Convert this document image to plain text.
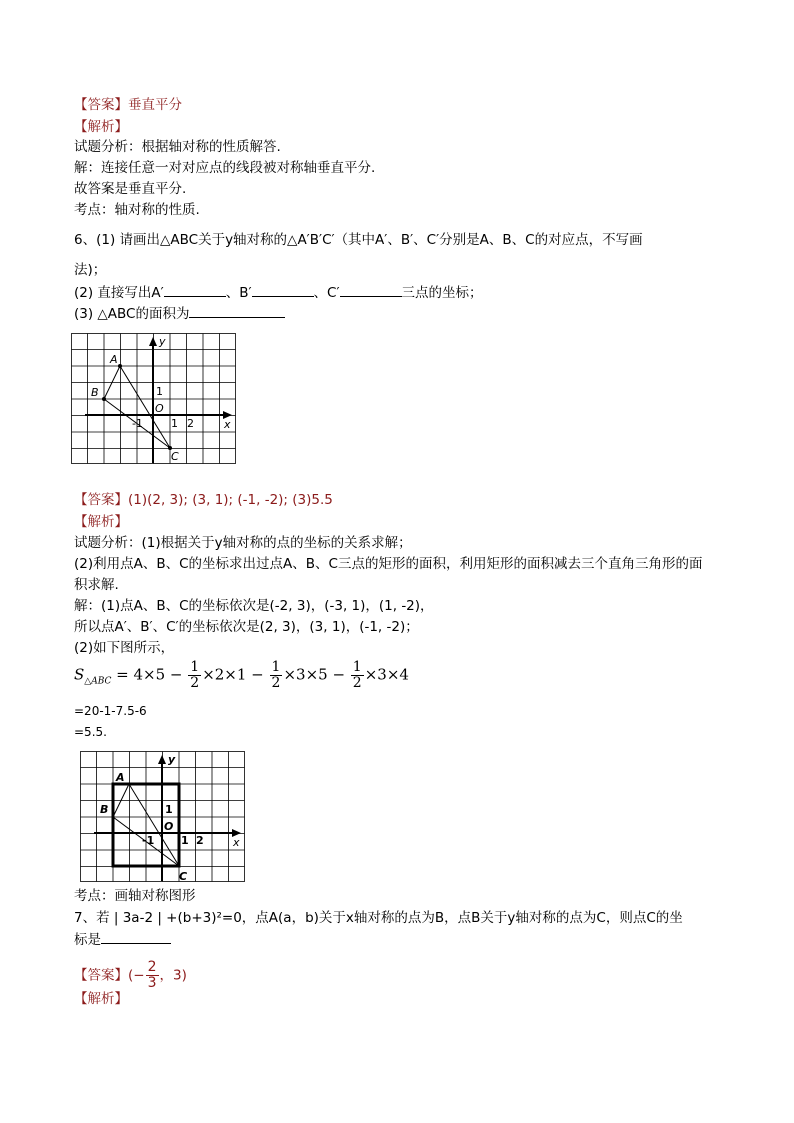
【答案】垂直平分
【解析】
试题分析：根据轴对称的性质解答.
解：连接任意一对对应点的线段被对称轴垂直平分.
故答案是垂直平分.
考点：轴对称的性质.
6、(1) 请画出△ABC关于y轴对称的△A′B′C′（其中A′、B′、C′分别是A、B、C的对应点，不写画
法)；
(2) 直接写出A′	、B′	、C′	三点的坐标；
(3) △ABC的面积为
A
B
C
O
y
x
1
1 2
-1
【答案】(1)(2, 3); (3, 1); (-1, -2); (3)5.5
【解析】
试题分析：(1)根据关于y轴对称的点的坐标的关系求解；
(2)利用点A、B、C的坐标求出过点A、B、C三点的矩形的面积，利用矩形的面积减去三个直角三角形的面
积求解.
解：(1)点A、B、C的坐标依次是(-2, 3)，(-3, 1)，(1, -2)，
所以点A′、B′、C′的坐标依次是(2, 3)，(3, 1)，(-1, -2)；
(2)如下图所示，
$S_{\triangle ABC} = 4\times 5 - \frac{1}{2} \times 2\times 1 - \frac{1}{2} \times 3\times 5 - \frac{1}{2} \times 3\times 4$
=20-1-7.5-6
=5.5.
A
B
C
O
y
x
1
1 2
-1
考点：画轴对称图形
7、若 | 3a-2 | +(b+3)²=0，点A(a，b)关于x轴对称的点为B，点B关于y轴对称的点为C，则点C的坐
标是
【答案】(− $\frac{2}{3}$ ，3)
【解析】
